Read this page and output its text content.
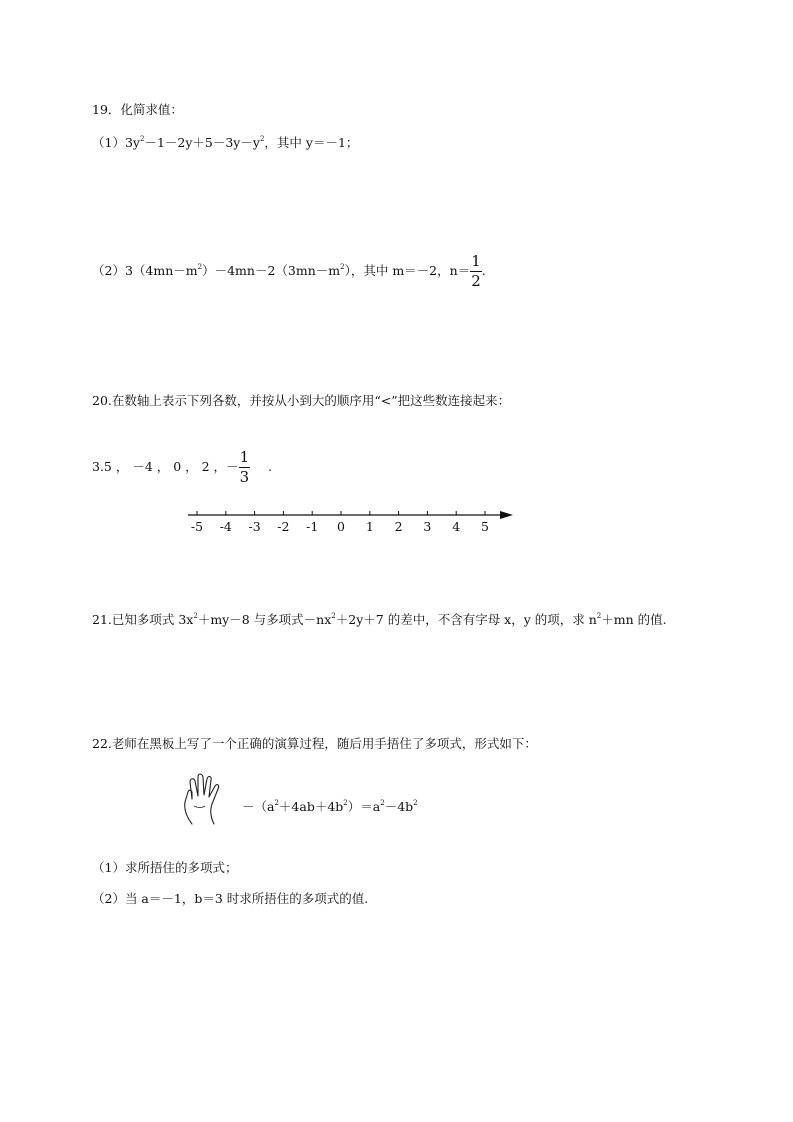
19．化简求值：
$(1)3y^2-1-2y+5-3y-y^2$，其中 y＝－1；
$(2)3(4mn-m^2)-4mn-2(3mn-m^2)$，其中 m＝－2，$n= \frac{1}{2}$ .
20.在数轴上表示下列各数，并按从小到大的顺序用“<”把这些数连接起来：
3.5 ， －4 ， 0 ， 2 ，－ $\frac{1}{3}$ .
-5 -4 -3 -2 -1 0 1 2 3 4 5
21.已知多项式 $3x^2+my-8$ 与多项式$-nx^2+2y+7$ 的差中，不含有字母 x，y 的项，求 $n^2+mn$ 的值.
22.老师在黑板上写了一个正确的演算过程，随后用手捂住了多项式，形式如下：
$-(a^2+4ab+4b^2)=a^2-4b^2$
（1）求所捂住的多项式；
（2）当 a＝－1，b＝3 时求所捂住的多项式的值.
